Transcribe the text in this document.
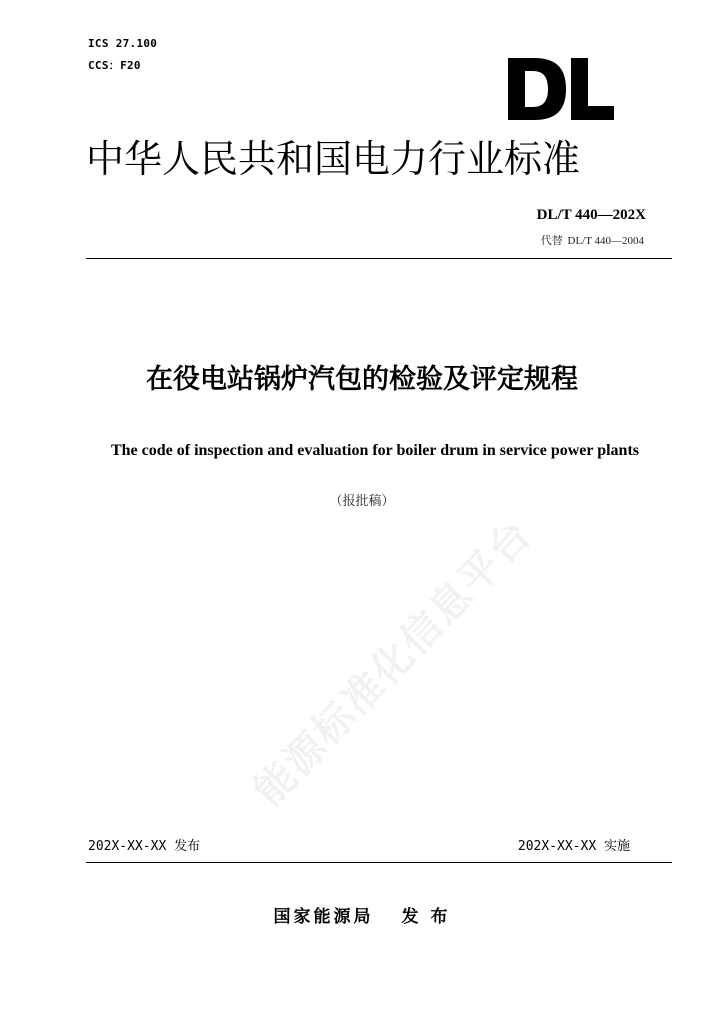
ICS 27.100
CCS：F20
中华人民共和国电力行业标准
DL/T 440—202X
代替 DL/T 440—2004
在役电站锅炉汽包的检验及评定规程
The code of inspection and evaluation for boiler drum in service power plants
（报批稿）
能源标准化信息平台
202X-XX-XX 发布	202X-XX-XX 实施
国家能源局 发 布
